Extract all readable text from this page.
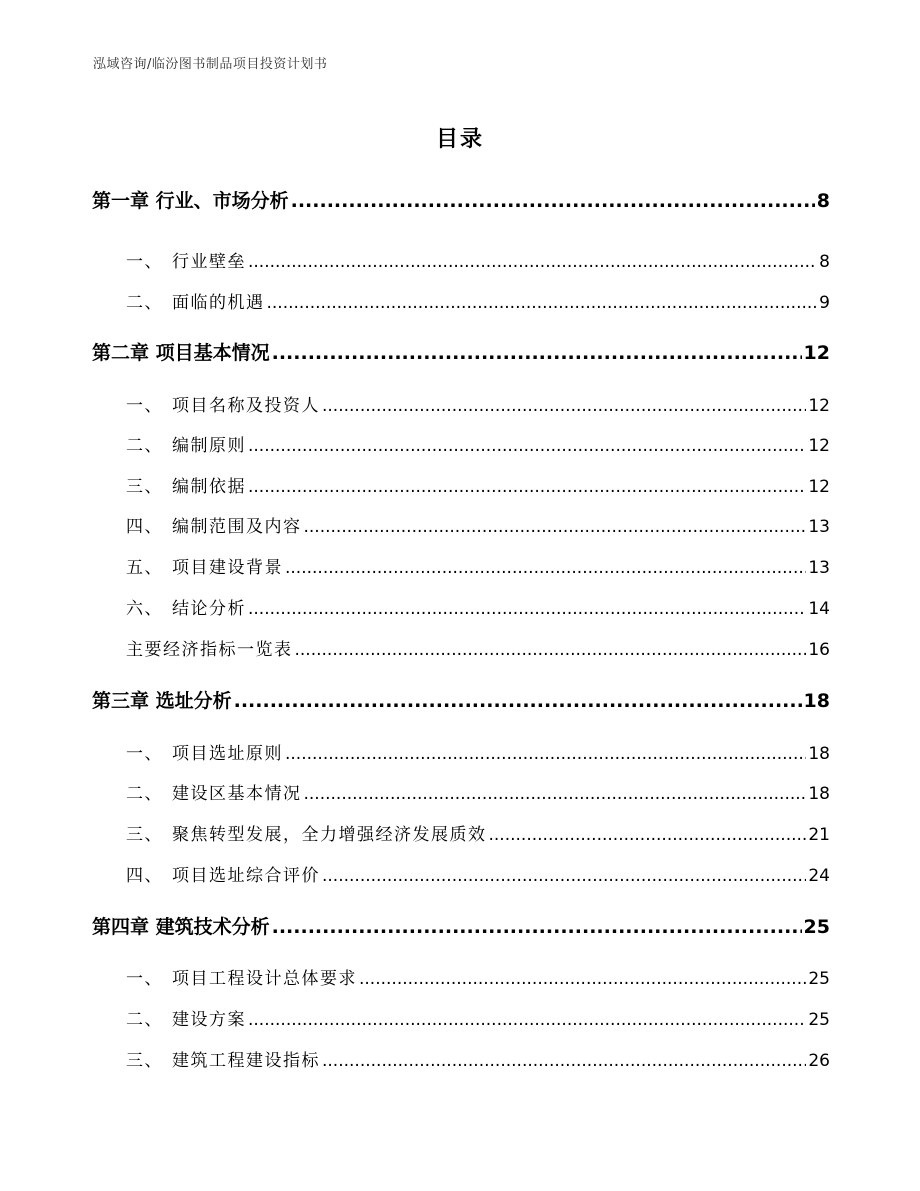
泓域咨询/临汾图书制品项目投资计划书
目录
第一章 行业、市场分析 .....	8
一、 行业壁垒 .....	8
二、 面临的机遇 .....	9
第二章 项目基本情况 .....	12
一、 项目名称及投资人 .....	12
二、 编制原则 .....	12
三、 编制依据 .....	12
四、 编制范围及内容 .....	13
五、 项目建设背景 .....	13
六、 结论分析 .....	14
主要经济指标一览表 .....	16
第三章 选址分析 .....	18
一、 项目选址原则 .....	18
二、 建设区基本情况 .....	18
三、 聚焦转型发展，全力增强经济发展质效 .....	21
四、 项目选址综合评价 .....	24
第四章 建筑技术分析 .....	25
一、 项目工程设计总体要求 .....	25
二、 建设方案 .....	25
三、 建筑工程建设指标 .....	26
